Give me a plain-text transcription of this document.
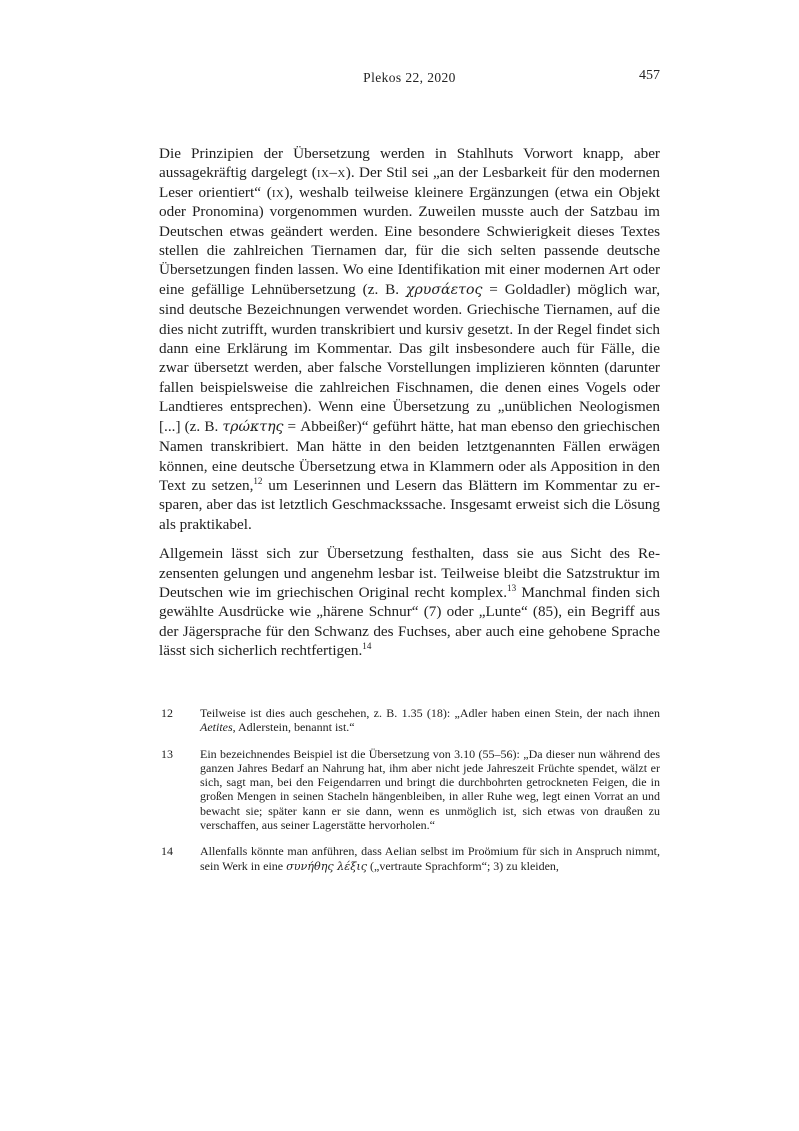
Plekos 22, 2020	457

Die Prinzipien der Übersetzung werden in Stahlhuts Vorwort knapp, aber aussagekräftig dargelegt (ix–x). Der Stil sei „an der Lesbarkeit für den modernen Leser orientiert“ (ix), weshalb teilweise kleinere Ergänzungen (etwa ein Objekt oder Pronomina) vorgenommen wurden. Zuweilen musste auch der Satzbau im Deutschen etwas geändert werden. Eine besondere Schwierigkeit dieses Textes stellen die zahlreichen Tiernamen dar, für die sich selten passende deutsche Übersetzungen finden lassen. Wo eine Identifikation mit einer modernen Art oder eine gefällige Lehnübersetzung (z. B. χρυσάετος = Goldadler) möglich war, sind deutsche Bezeichnungen verwendet worden. Griechische Tiernamen, auf die dies nicht zutrifft, wurden transkribiert und kursiv gesetzt. In der Regel findet sich dann eine Erklärung im Kommentar. Das gilt insbesondere auch für Fälle, die zwar übersetzt werden, aber falsche Vorstellungen implizieren könnten (darunter fallen beispielsweise die zahlreichen Fischnamen, die denen eines Vogels oder Landtieres entsprechen). Wenn eine Übersetzung zu „unüblichen Neologismen [...] (z. B. τρώκτης = Abbeißer)“ geführt hätte, hat man ebenso den griechischen Namen transkribiert. Man hätte in den beiden letztgenannten Fällen erwägen können, eine deutsche Übersetzung etwa in Klammern oder als Apposition in den Text zu setzen,$^{12}$ um Leserinnen und Lesern das Blättern im Kommentar zu ersparen, aber das ist letztlich Geschmackssache. Insgesamt erweist sich die Lösung als praktikabel.

Allgemein lässt sich zur Übersetzung festhalten, dass sie aus Sicht des Rezensenten gelungen und angenehm lesbar ist. Teilweise bleibt die Satzstruktur im Deutschen wie im griechischen Original recht komplex.$^{13}$ Manchmal finden sich gewählte Ausdrücke wie „härene Schnur“ (7) oder „Lunte“ (85), ein Begriff aus der Jägersprache für den Schwanz des Fuchses, aber auch eine gehobene Sprache lässt sich sicherlich rechtfertigen.$^{14}$

12 Teilweise ist dies auch geschehen, z. B. 1.35 (18): „Adler haben einen Stein, der nach ihnen Aetites, Adlerstein, benannt ist.“
13 Ein bezeichnendes Beispiel ist die Übersetzung von 3.10 (55–56): „Da dieser nun während des ganzen Jahres Bedarf an Nahrung hat, ihm aber nicht jede Jahreszeit Früchte spendet, wälzt er sich, sagt man, bei den Feigendarren und bringt die durchbohrten getrockneten Feigen, die in großen Mengen in seinen Stacheln hängenbleiben, in aller Ruhe weg, legt einen Vorrat an und bewacht sie; später kann er sie dann, wenn es unmöglich ist, sich etwas von draußen zu verschaffen, aus seiner Lagerstätte hervorholen.“
14 Allenfalls könnte man anführen, dass Aelian selbst im Proömium für sich in Anspruch nimmt, sein Werk in eine συνήθης λέξις („vertraute Sprachform“; 3) zu kleiden,
